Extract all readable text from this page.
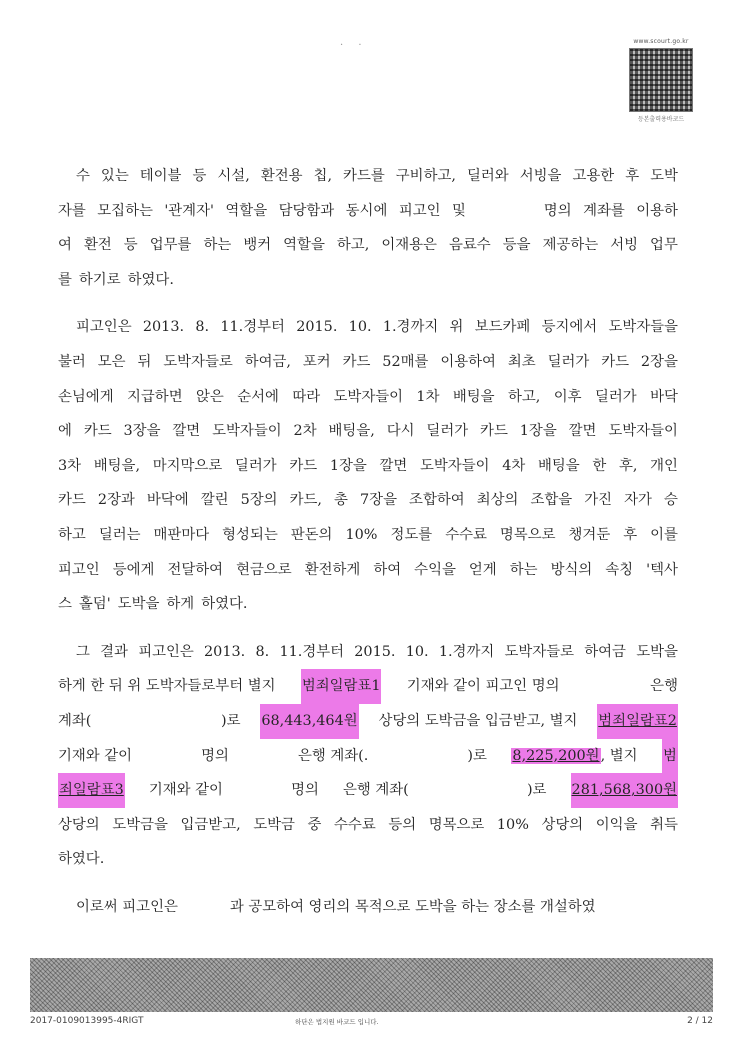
· ·	www.scourt.go.kr
등본출력용바코드
수 있는 테이블 등 시설, 환전용 칩, 카드를 구비하고, 딜러와 서빙을 고용한 후 도박
자를 모집하는 '관계자' 역할을 담당함과 동시에 피고인 및	명의 계좌를 이용하
여 환전 등 업무를 하는 뱅커 역할을 하고, 이재용은 음료수 등을 제공하는 서빙 업무
를 하기로 하였다.
피고인은 2013. 8. 11.경부터 2015. 10. 1.경까지 위 보드카페 등지에서 도박자들을
불러 모은 뒤 도박자들로 하여금, 포커 카드 52매를 이용하여 최초 딜러가 카드 2장을
손님에게 지급하면 앉은 순서에 따라 도박자들이 1차 배팅을 하고, 이후 딜러가 바닥
에 카드 3장을 깔면 도박자들이 2차 배팅을, 다시 딜러가 카드 1장을 깔면 도박자들이
3차 배팅을, 마지막으로 딜러가 카드 1장을 깔면 도박자들이 4차 배팅을 한 후, 개인
카드 2장과 바닥에 깔린 5장의 카드, 총 7장을 조합하여 최상의 조합을 가진 자가 승
하고 딜러는 매판마다 형성되는 판돈의 10% 정도를 수수료 명목으로 챙겨둔 후 이를
피고인 등에게 전달하여 현금으로 환전하게 하여 수익을 얻게 하는 방식의 속칭 '텍사
스 홀덤' 도박을 하게 하였다.
그 결과 피고인은 2013. 8. 11.경부터 2015. 10. 1.경까지 도박자들로 하여금 도박을
하게 한 뒤 위 도박자들로부터 별지 범죄일람표1 기재와 같이 피고인 명의	은행
계좌(	)로 68,443,464원 상당의 도박금을 입금받고, 별지 범죄일람표2
기재와 같이	명의	은행 계좌(.	)로 8,225,200원, 별지 범
죄일람표3 기재와 같이	명의 은행 계좌(	)로 281,568,300원
상당의 도박금을 입금받고, 도박금 중 수수료 등의 명목으로 10% 상당의 이익을 취득
하였다.
이로써 피고인은	과 공모하여 영리의 목적으로 도박을 하는 장소를 개설하였
2017-0109013995-4RIGT	하단은 법지원 바코드 입니다.	2 / 12
